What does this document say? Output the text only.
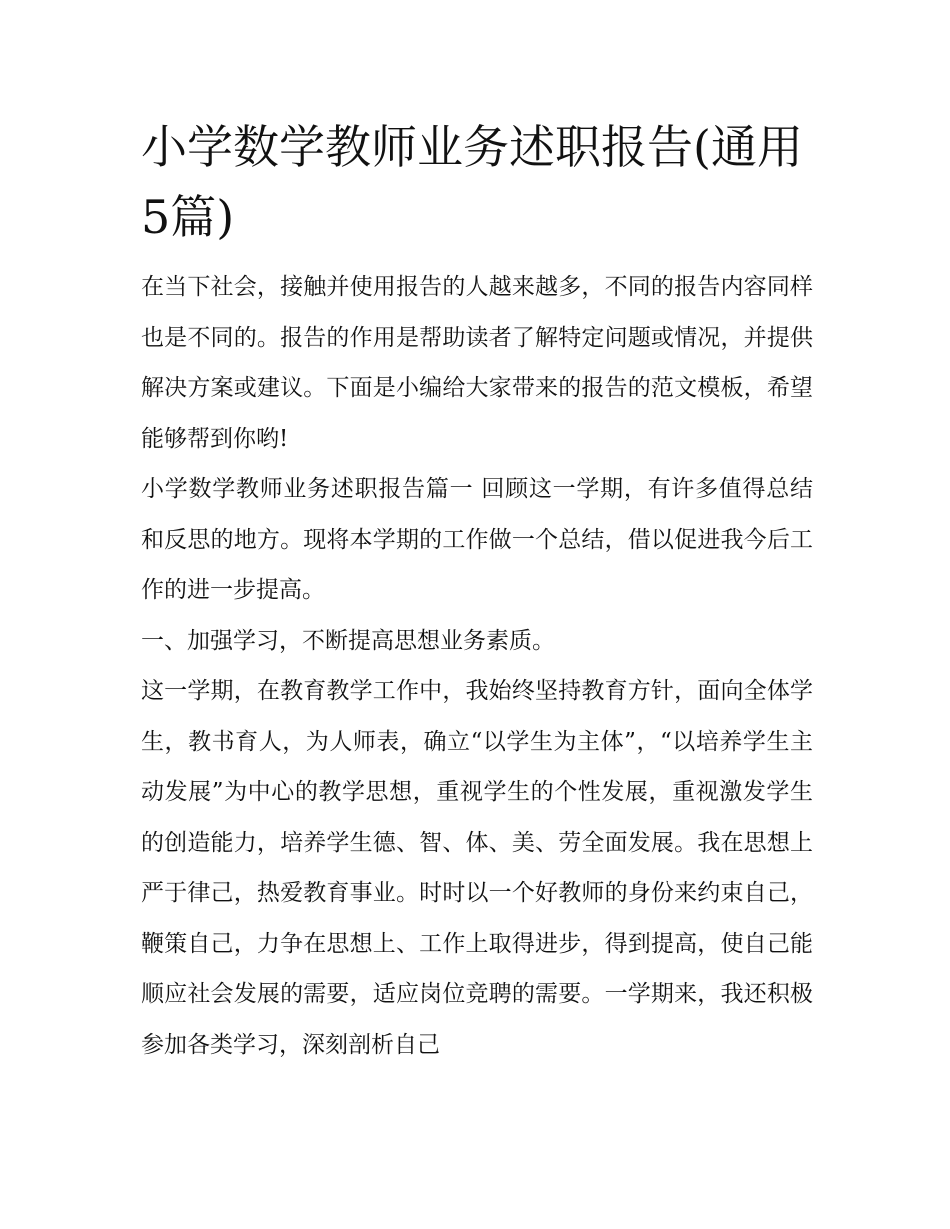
小学数学教师业务述职报告(通用5篇)

在当下社会，接触并使用报告的人越来越多，不同的报告内容同样也是不同的。报告的作用是帮助读者了解特定问题或情况，并提供解决方案或建议。下面是小编给大家带来的报告的范文模板，希望能够帮到你哟!

小学数学教师业务述职报告篇一 回顾这一学期，有许多值得总结和反思的地方。现将本学期的工作做一个总结，借以促进我今后工作的进一步提高。

一、加强学习，不断提高思想业务素质。

这一学期，在教育教学工作中，我始终坚持教育方针，面向全体学生，教书育人，为人师表，确立“以学生为主体”，“以培养学生主动发展”为中心的教学思想，重视学生的个性发展，重视激发学生的创造能力，培养学生德、智、体、美、劳全面发展。我在思想上严于律己，热爱教育事业。时时以一个好教师的身份来约束自己，鞭策自己，力争在思想上、工作上取得进步，得到提高，使自己能顺应社会发展的需要，适应岗位竞聘的需要。一学期来，我还积极参加各类学习，深刻剖析自己
